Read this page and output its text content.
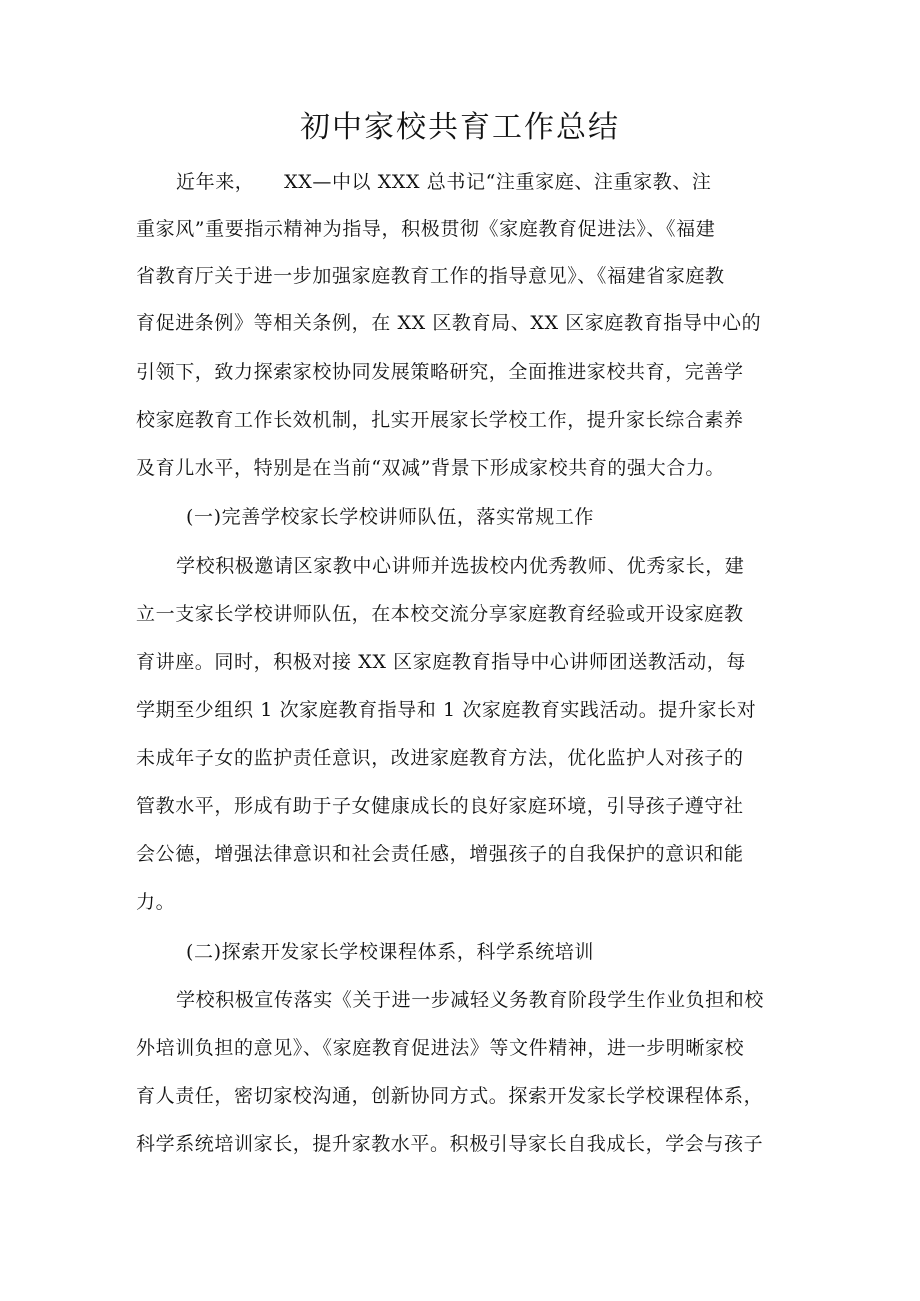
初中家校共育工作总结

近年来，　　XX—中以 XXX 总书记“注重家庭、注重家教、注

重家风”重要指示精神为指导，积极贯彻《家庭教育促进法》、《福建

省教育厅关于进一步加强家庭教育工作的指导意见》、《福建省家庭教

育促进条例》等相关条例，在 XX 区教育局、XX 区家庭教育指导中心的

引领下，致力探索家校协同发展策略研究，全面推进家校共育，完善学

校家庭教育工作长效机制，扎实开展家长学校工作，提升家长综合素养

及育儿水平，特别是在当前“双减”背景下形成家校共育的强大合力。

(一)完善学校家长学校讲师队伍，落实常规工作

学校积极邀请区家教中心讲师并选拔校内优秀教师、优秀家长，建

立一支家长学校讲师队伍，在本校交流分享家庭教育经验或开设家庭教

育讲座。同时，积极对接 XX 区家庭教育指导中心讲师团送教活动，每

学期至少组织 1 次家庭教育指导和 1 次家庭教育实践活动。提升家长对

未成年子女的监护责任意识，改进家庭教育方法，优化监护人对孩子的

管教水平，形成有助于子女健康成长的良好家庭环境，引导孩子遵守社

会公德，增强法律意识和社会责任感，增强孩子的自我保护的意识和能

力。

(二)探索开发家长学校课程体系，科学系统培训

学校积极宣传落实《关于进一步减轻义务教育阶段学生作业负担和校

外培训负担的意见》、《家庭教育促进法》等文件精神，进一步明晰家校

育人责任，密切家校沟通，创新协同方式。探索开发家长学校课程体系，

科学系统培训家长，提升家教水平。积极引导家长自我成长，学会与孩子
